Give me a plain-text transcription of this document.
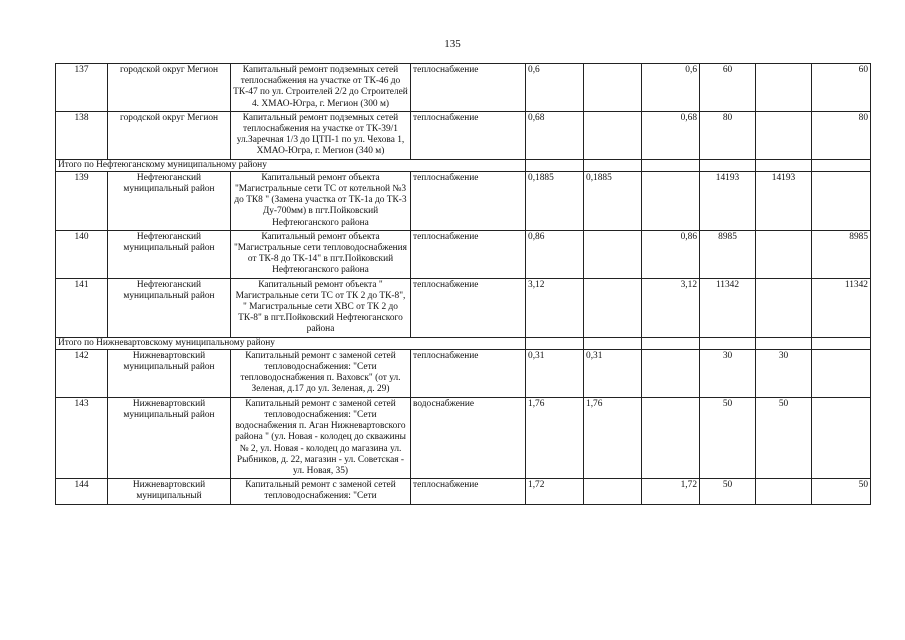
135
137	городской округ Мегион	Капитальный ремонт подземных сетей теплоснабжения на участке от ТК-46 до ТК-47 по ул. Строителей 2/2 до Строителей 4. ХМАО-Югра, г. Мегион (300 м)	теплоснабжение	0,6		0,6	60		60
138	городской округ Мегион	Капитальный ремонт подземных сетей теплоснабжения на участке от ТК-39/1 ул.Заречная 1/3 до ЦТП-1 по ул. Чехова 1, ХМАО-Югра, г. Мегион (340 м)	теплоснабжение	0,68		0,68	80		80
Итого по Нефтеюганскому муниципальному району									
139	Нефтеюганский муниципальный район	Капитальный ремонт объекта "Магистральные сети ТС от котельной №3 до ТК8 " (Замена участка от ТК-1а до ТК-3 Ду-700мм) в пгт.Пойковский Нефтеюганского района	теплоснабжение	0,1885	0,1885		14193	14193	
140	Нефтеюганский муниципальный район	Капитальный ремонт объекта "Магистральные сети тепловодоснабжения от ТК-8 до ТК-14" в пгт.Пойковский Нефтеюганского района	теплоснабжение	0,86		0,86	8985		8985
141	Нефтеюганский муниципальный район	Капитальный ремонт объекта " Магистральные сети ТС от ТК 2 до ТК-8", " Магистральные сети ХВС от ТК 2 до ТК-8" в пгт.Пойковский Нефтеюганского района	теплоснабжение	3,12		3,12	11342		11342
Итого по Нижневартовскому муниципальному району									
142	Нижневартовский муниципальный район	Капитальный ремонт с заменой сетей тепловодоснабжения: "Сети тепловодоснабжения п. Ваховск" (от ул. Зеленая, д.17 до ул. Зеленая, д. 29)	теплоснабжение	0,31	0,31		30	30	
143	Нижневартовский муниципальный район	Капитальный ремонт с заменой сетей тепловодоснабжения: "Сети водоснабжения п. Аган Нижневартовского района " (ул. Новая - колодец до скважины № 2, ул. Новая - колодец до магазина ул. Рыбников, д. 22, магазин - ул. Советская - ул. Новая, 35)	водоснабжение	1,76	1,76		50	50	
144	Нижневартовский муниципальный	Капитальный ремонт с заменой сетей тепловодоснабжения: "Сети	теплоснабжение	1,72		1,72	50		50
